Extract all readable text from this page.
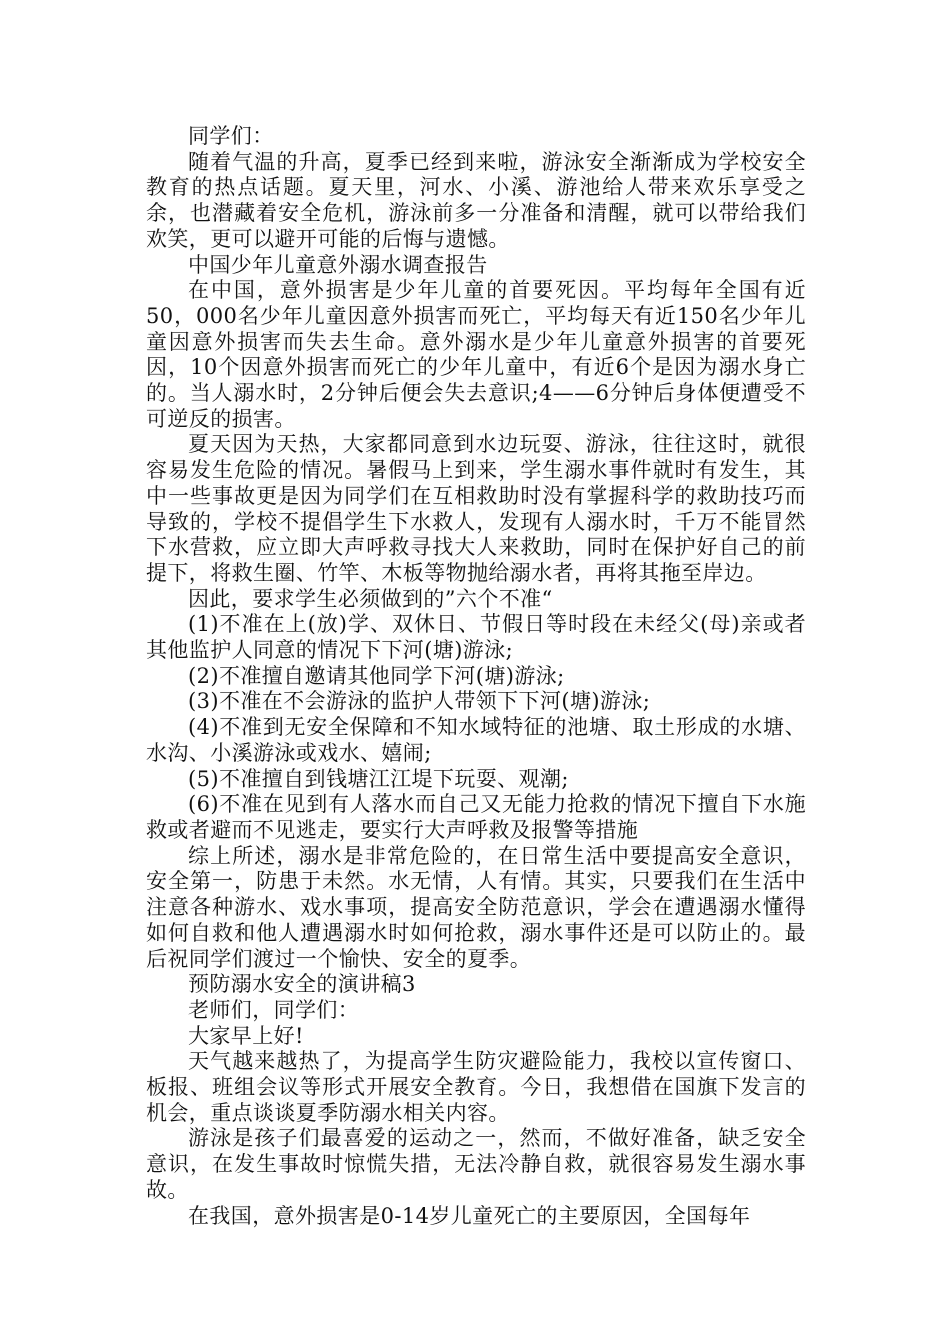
同学们：

随着气温的升高，夏季已经到来啦，游泳安全渐渐成为学校安全教育的热点话题。夏天里，河水、小溪、游池给人带来欢乐享受之余，也潜藏着安全危机，游泳前多一分准备和清醒，就可以带给我们欢笑，更可以避开可能的后悔与遗憾。

中国少年儿童意外溺水调查报告

在中国，意外损害是少年儿童的首要死因。平均每年全国有近50，000名少年儿童因意外损害而死亡，平均每天有近150名少年儿童因意外损害而失去生命。意外溺水是少年儿童意外损害的首要死因，10个因意外损害而死亡的少年儿童中，有近6个是因为溺水身亡的。当人溺水时，2分钟后便会失去意识;4——6分钟后身体便遭受不可逆反的损害。

夏天因为天热，大家都同意到水边玩耍、游泳，往往这时，就很容易发生危险的情况。暑假马上到来，学生溺水事件就时有发生，其中一些事故更是因为同学们在互相救助时没有掌握科学的救助技巧而导致的，学校不提倡学生下水救人，发现有人溺水时，千万不能冒然下水营救，应立即大声呼救寻找大人来救助，同时在保护好自己的前提下，将救生圈、竹竿、木板等物抛给溺水者，再将其拖至岸边。

因此，要求学生必须做到的”六个不准“

(1)不准在上(放)学、双休日、节假日等时段在未经父(母)亲或者其他监护人同意的情况下下河(塘)游泳;

(2)不准擅自邀请其他同学下河(塘)游泳;

(3)不准在不会游泳的监护人带领下下河(塘)游泳;

(4)不准到无安全保障和不知水域特征的池塘、取土形成的水塘、水沟、小溪游泳或戏水、嬉闹;

(5)不准擅自到钱塘江江堤下玩耍、观潮;

(6)不准在见到有人落水而自己又无能力抢救的情况下擅自下水施救或者避而不见逃走，要实行大声呼救及报警等措施

综上所述，溺水是非常危险的，在日常生活中要提高安全意识，安全第一，防患于未然。水无情，人有情。其实，只要我们在生活中注意各种游水、戏水事项，提高安全防范意识，学会在遭遇溺水懂得如何自救和他人遭遇溺水时如何抢救，溺水事件还是可以防止的。最后祝同学们渡过一个愉快、安全的夏季。

预防溺水安全的演讲稿3

老师们，同学们：

大家早上好!

天气越来越热了，为提高学生防灾避险能力，我校以宣传窗口、板报、班组会议等形式开展安全教育。今日，我想借在国旗下发言的机会，重点谈谈夏季防溺水相关内容。

游泳是孩子们最喜爱的运动之一，然而，不做好准备，缺乏安全意识，在发生事故时惊慌失措，无法冷静自救，就很容易发生溺水事故。

在我国，意外损害是0-14岁儿童死亡的主要原因，全国每年
